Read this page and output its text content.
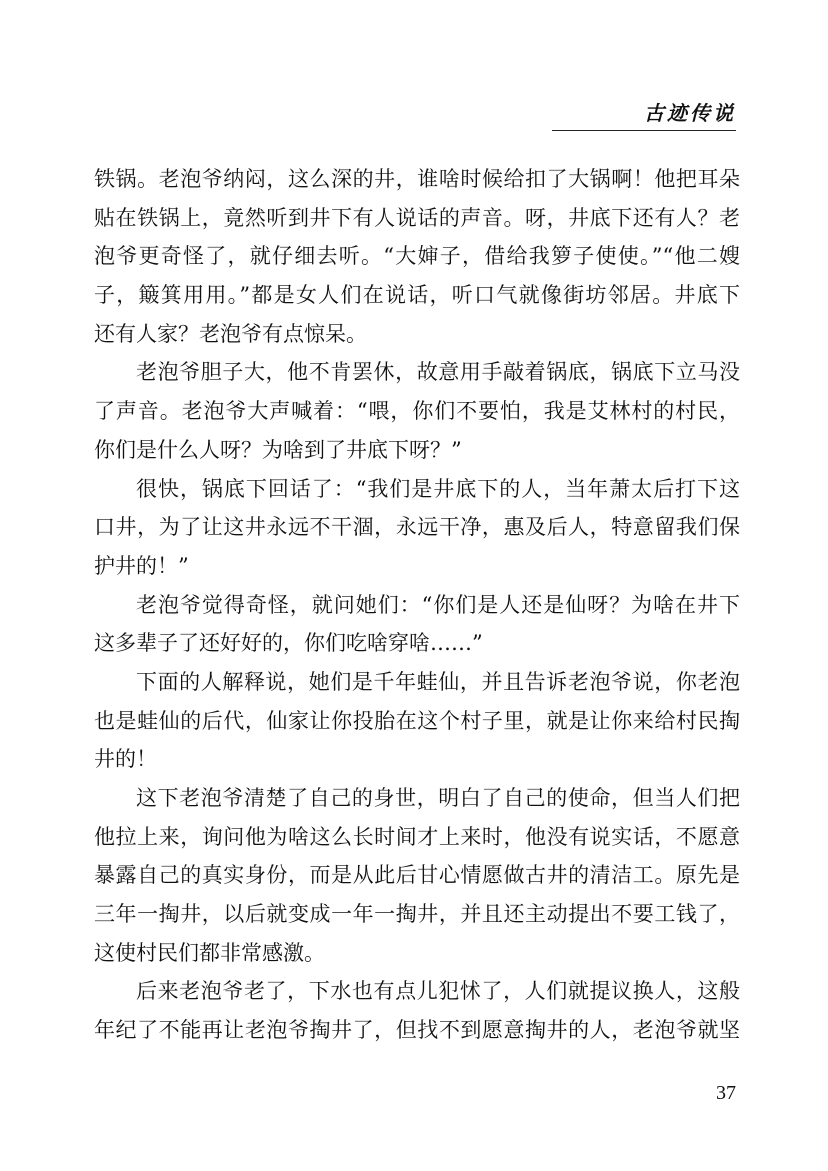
古迹传说
铁锅。老泡爷纳闷，这么深的井，谁啥时候给扣了大锅啊！他把耳朵
贴在铁锅上，竟然听到井下有人说话的声音。呀，井底下还有人？老
泡爷更奇怪了，就仔细去听。“大婶子，借给我箩子使使。”“他二嫂
子，簸箕用用。”都是女人们在说话，听口气就像街坊邻居。井底下
还有人家？老泡爷有点惊呆。
老泡爷胆子大，他不肯罢休，故意用手敲着锅底，锅底下立马没
了声音。老泡爷大声喊着：“喂，你们不要怕，我是艾林村的村民，
你们是什么人呀？为啥到了井底下呀？”
很快，锅底下回话了：“我们是井底下的人，当年萧太后打下这
口井，为了让这井永远不干涸，永远干净，惠及后人，特意留我们保
护井的！”
老泡爷觉得奇怪，就问她们：“你们是人还是仙呀？为啥在井下
这多辈子了还好好的，你们吃啥穿啥……”
下面的人解释说，她们是千年蛙仙，并且告诉老泡爷说，你老泡
也是蛙仙的后代，仙家让你投胎在这个村子里，就是让你来给村民掏
井的！
这下老泡爷清楚了自己的身世，明白了自己的使命，但当人们把
他拉上来，询问他为啥这么长时间才上来时，他没有说实话，不愿意
暴露自己的真实身份，而是从此后甘心情愿做古井的清洁工。原先是
三年一掏井，以后就变成一年一掏井，并且还主动提出不要工钱了，
这使村民们都非常感激。
后来老泡爷老了，下水也有点儿犯怵了，人们就提议换人，这般
年纪了不能再让老泡爷掏井了，但找不到愿意掏井的人，老泡爷就坚
37
